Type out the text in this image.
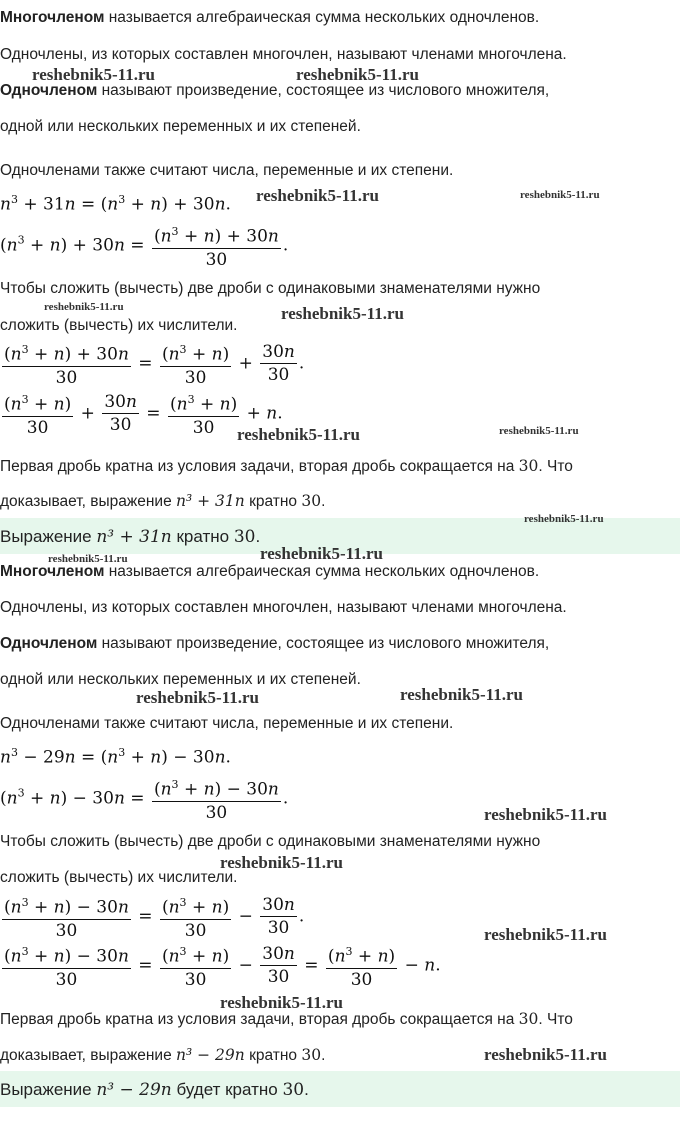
Многочленом называется алгебраическая сумма нескольких одночленов.
Одночлены, из которых составлен многочлен, называют членами многочлена.
Одночленом называют произведение, состоящее из числового множителя,
одной или нескольких переменных и их степеней.
Одночленами также считают числа, переменные и их степени.
$n^3 + 31n = (n^3 + n) + 30n$.
$(n^3 + n) + 30n = \frac{(n^3 + n) + 30n}{30}$ .
Чтобы сложить (вычесть) две дроби с одинаковыми знаменателями нужно
сложить (вычесть) их числители.
$\frac{(n^3 + n) + 30n}{30} = \frac{(n^3 + n)}{30} + \frac{30n}{30}$ .
$\frac{(n^3 + n)}{30} + \frac{30n}{30} = \frac{(n^3 + n)}{30} + n$.
Первая дробь кратна из условия задачи, вторая дробь сокращается на 30. Что
доказывает, выражение n³ + 31n кратно 30.
Выражение n³ + 31n кратно 30.
Многочленом называется алгебраическая сумма нескольких одночленов.
Одночлены, из которых составлен многочлен, называют членами многочлена.
Одночленом называют произведение, состоящее из числового множителя,
одной или нескольких переменных и их степеней.
Одночленами также считают числа, переменные и их степени.
$n^3 - 29n = (n^3 + n) - 30n$.
$(n^3 + n) - 30n = \frac{(n^3 + n) - 30n}{30}$ .
Чтобы сложить (вычесть) две дроби с одинаковыми знаменателями нужно
сложить (вычесть) их числители.
$\frac{(n^3 + n) - 30n}{30} = \frac{(n^3 + n)}{30} - \frac{30n}{30}$ .
$\frac{(n^3 + n) - 30n}{30} = \frac{(n^3 + n)}{30} - \frac{30n}{30} = \frac{(n^3 + n)}{30} - n$.
Первая дробь кратна из условия задачи, вторая дробь сокращается на 30. Что
доказывает, выражение n³ − 29n кратно 30.
Выражение n³ − 29n будет кратно 30.
reshebnik5-11.ru	reshebnik5-11.ru
reshebnik5-11.ru	reshebnik5-11.ru
reshebnik5-11.ru	reshebnik5-11.ru
reshebnik5-11.ru	reshebnik5-11.ru
reshebnik5-11.ru
reshebnik5-11.ru	reshebnik5-11.ru
reshebnik5-11.ru	reshebnik5-11.ru
reshebnik5-11.ru
reshebnik5-11.ru
reshebnik5-11.ru
reshebnik5-11.ru
reshebnik5-11.ru
